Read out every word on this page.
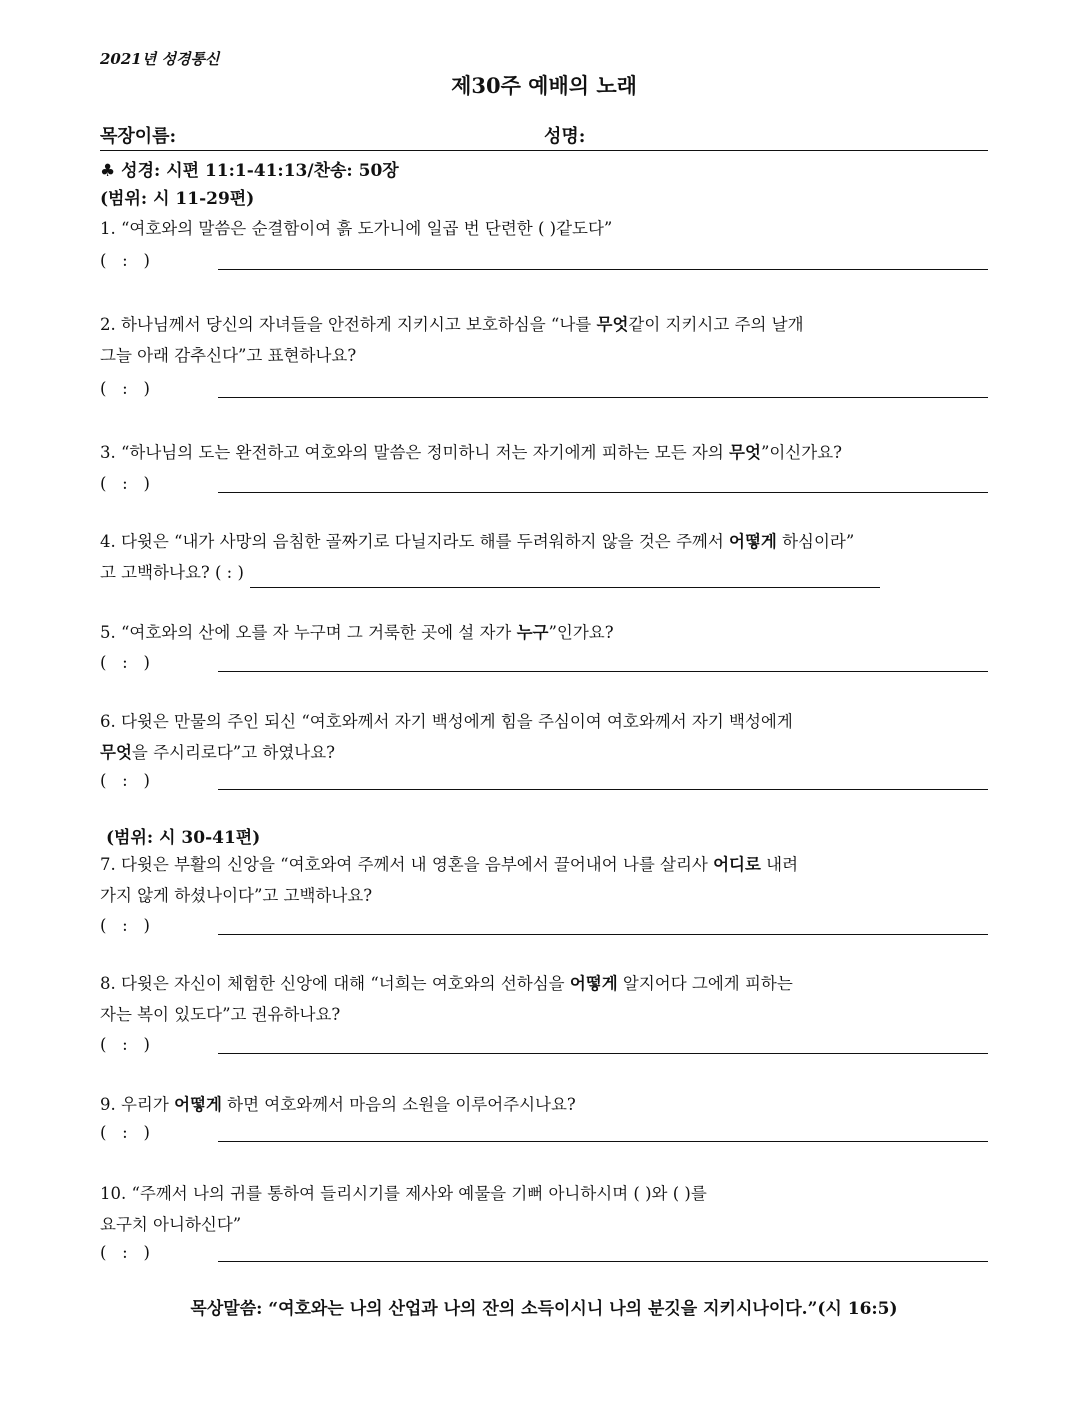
2021년 성경통신
제30주 예배의 노래
목장이름:	성명:
♣ 성경: 시편 11:1-41:13/찬송: 50장
(범위: 시 11-29편)
1. “여호와의 말씀은 순결함이여 흙 도가니에 일곱 번 단련한 ( )같도다”
(   :   )
2. 하나님께서 당신의 자녀들을 안전하게 지키시고 보호하심을 “나를 무엇같이 지키시고 주의 날개
그늘 아래 감추신다”고 표현하나요?
(   :   )
3. “하나님의 도는 완전하고 여호와의 말씀은 정미하니 저는 자기에게 피하는 모든 자의 무엇”이신가요?
(   :   )
4. 다윗은 “내가 사망의 음침한 골짜기로 다닐지라도 해를 두려워하지 않을 것은 주께서 어떻게 하심이라”
고 고백하나요? ( : )
5. “여호와의 산에 오를 자 누구며 그 거룩한 곳에 설 자가 누구”인가요?
(   :   )
6. 다윗은 만물의 주인 되신 “여호와께서 자기 백성에게 힘을 주심이여 여호와께서 자기 백성에게
무엇을 주시리로다”고 하였나요?
(   :   )
(범위: 시 30-41편)
7. 다윗은 부활의 신앙을 “여호와여 주께서 내 영혼을 음부에서 끌어내어 나를 살리사 어디로 내려
가지 않게 하셨나이다”고 고백하나요?
(   :   )
8. 다윗은 자신이 체험한 신앙에 대해 “너희는 여호와의 선하심을 어떻게 알지어다 그에게 피하는
자는 복이 있도다”고 권유하나요?
(   :   )
9. 우리가 어떻게 하면 여호와께서 마음의 소원을 이루어주시나요?
(   :   )
10. “주께서 나의 귀를 통하여 들리시기를 제사와 예물을 기뻐 아니하시며 ( )와 ( )를
요구치 아니하신다”
(   :   )
목상말씀: “여호와는 나의 산업과 나의 잔의 소득이시니 나의 분깃을 지키시나이다.”(시 16:5)
